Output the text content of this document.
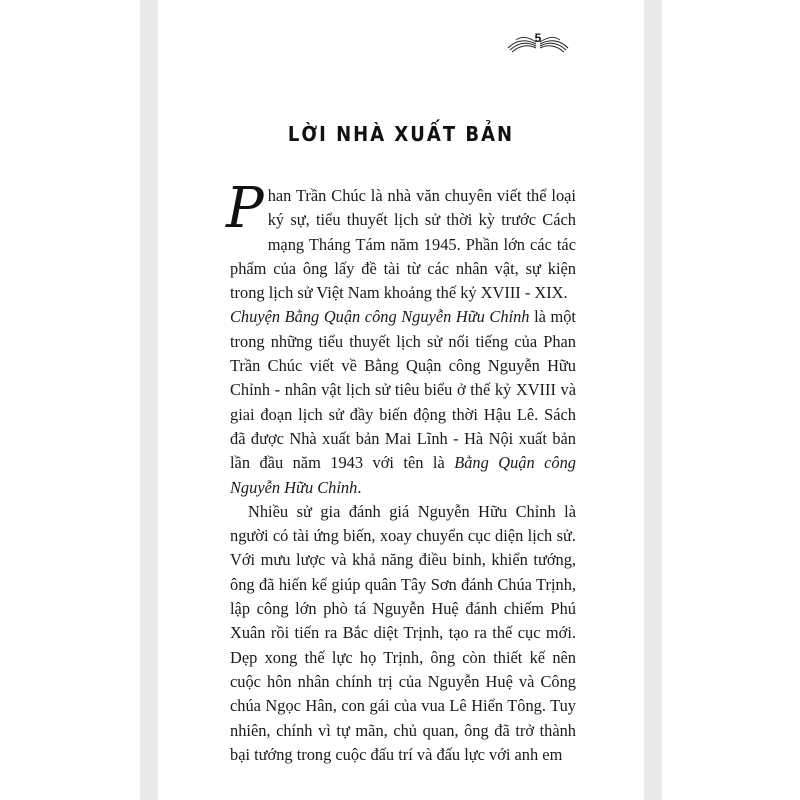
5
LỜI NHÀ XUẤT BẢN

Phan Trần Chúc là nhà văn chuyên viết thể loại ký sự, tiểu thuyết lịch sử thời kỳ trước Cách mạng Tháng Tám năm 1945. Phần lớn các tác phẩm của ông lấy đề tài từ các nhân vật, sự kiện trong lịch sử Việt Nam khoảng thế kỷ XVIII - XIX.

Chuyện Bằng Quận công Nguyễn Hữu Chỉnh là một trong những tiểu thuyết lịch sử nổi tiếng của Phan Trần Chúc viết về Bằng Quận công Nguyễn Hữu Chỉnh - nhân vật lịch sử tiêu biểu ở thế kỷ XVIII và giai đoạn lịch sử đầy biến động thời Hậu Lê. Sách đã được Nhà xuất bản Mai Lĩnh - Hà Nội xuất bản lần đầu năm 1943 với tên là Bằng Quận công Nguyễn Hữu Chỉnh.

Nhiều sử gia đánh giá Nguyễn Hữu Chỉnh là người có tài ứng biến, xoay chuyển cục diện lịch sử. Với mưu lược và khả năng điều binh, khiển tướng, ông đã hiến kế giúp quân Tây Sơn đánh Chúa Trịnh, lập công lớn phò tá Nguyễn Huệ đánh chiếm Phú Xuân rồi tiến ra Bắc diệt Trịnh, tạo ra thế cục mới. Dẹp xong thế lực họ Trịnh, ông còn thiết kế nên cuộc hôn nhân chính trị của Nguyễn Huệ và Công chúa Ngọc Hân, con gái của vua Lê Hiển Tông. Tuy nhiên, chính vì tự mãn, chủ quan, ông đã trở thành bại tướng trong cuộc đấu trí và đấu lực với anh em
